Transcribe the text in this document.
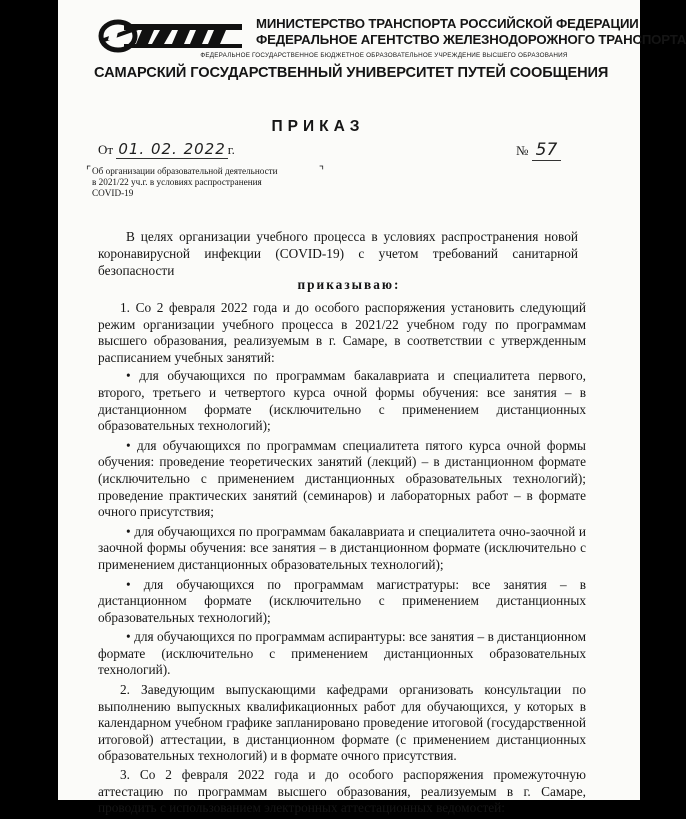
МИНИСТЕРСТВО ТРАНСПОРТА РОССИЙСКОЙ ФЕДЕРАЦИИ
ФЕДЕРАЛЬНОЕ АГЕНТСТВО ЖЕЛЕЗНОДОРОЖНОГО ТРАНСПОРТА
ФЕДЕРАЛЬНОЕ ГОСУДАРСТВЕННОЕ БЮДЖЕТНОЕ ОБРАЗОВАТЕЛЬНОЕ УЧРЕЖДЕНИЕ ВЫСШЕГО ОБРАЗОВАНИЯ
САМАРСКИЙ ГОСУДАРСТВЕННЫЙ УНИВЕРСИТЕТ ПУТЕЙ СООБЩЕНИЯ
ПРИКАЗ
От 01. 02. 2022 г.	№ 57
⌜	⌝
Об организации образовательной деятельности
в 2021/22 уч.г. в условиях распространения
COVID-19
В целях организации учебного процесса в условиях распространения новой коронавирусной инфекции (COVID-19) с учетом требований санитарной безопасности
приказываю:

1. Со 2 февраля 2022 года и до особого распоряжения установить следующий режим организации учебного процесса в 2021/22 учебном году по программам высшего образования, реализуемым в г. Самаре, в соответствии с утвержденным расписанием учебных занятий:

• для обучающихся по программам бакалавриата и специалитета первого, второго, третьего и четвертого курса очной формы обучения: все занятия – в дистанционном формате (исключительно с применением дистанционных образовательных технологий);

• для обучающихся по программам специалитета пятого курса очной формы обучения: проведение теоретических занятий (лекций) – в дистанционном формате (исключительно с применением дистанционных образовательных технологий); проведение практических занятий (семинаров) и лабораторных работ – в формате очного присутствия;

• для обучающихся по программам бакалавриата и специалитета очно-заочной и заочной формы обучения: все занятия – в дистанционном формате (исключительно с применением дистанционных образовательных технологий);

• для обучающихся по программам магистратуры: все занятия – в дистанционном формате (исключительно с применением дистанционных образовательных технологий);

• для обучающихся по программам аспирантуры: все занятия – в дистанционном формате (исключительно с применением дистанционных образовательных технологий).

2. Заведующим выпускающими кафедрами организовать консультации по выполнению выпускных квалификационных работ для обучающихся, у которых в календарном учебном графике запланировано проведение итоговой (государственной итоговой) аттестации, в дистанционном формате (с применением дистанционных образовательных технологий) и в формате очного присутствия.

3. Со 2 февраля 2022 года и до особого распоряжения промежуточную аттестацию по программам высшего образования, реализуемым в г. Самаре, проводить с использованием электронных аттестационных ведомостей:
